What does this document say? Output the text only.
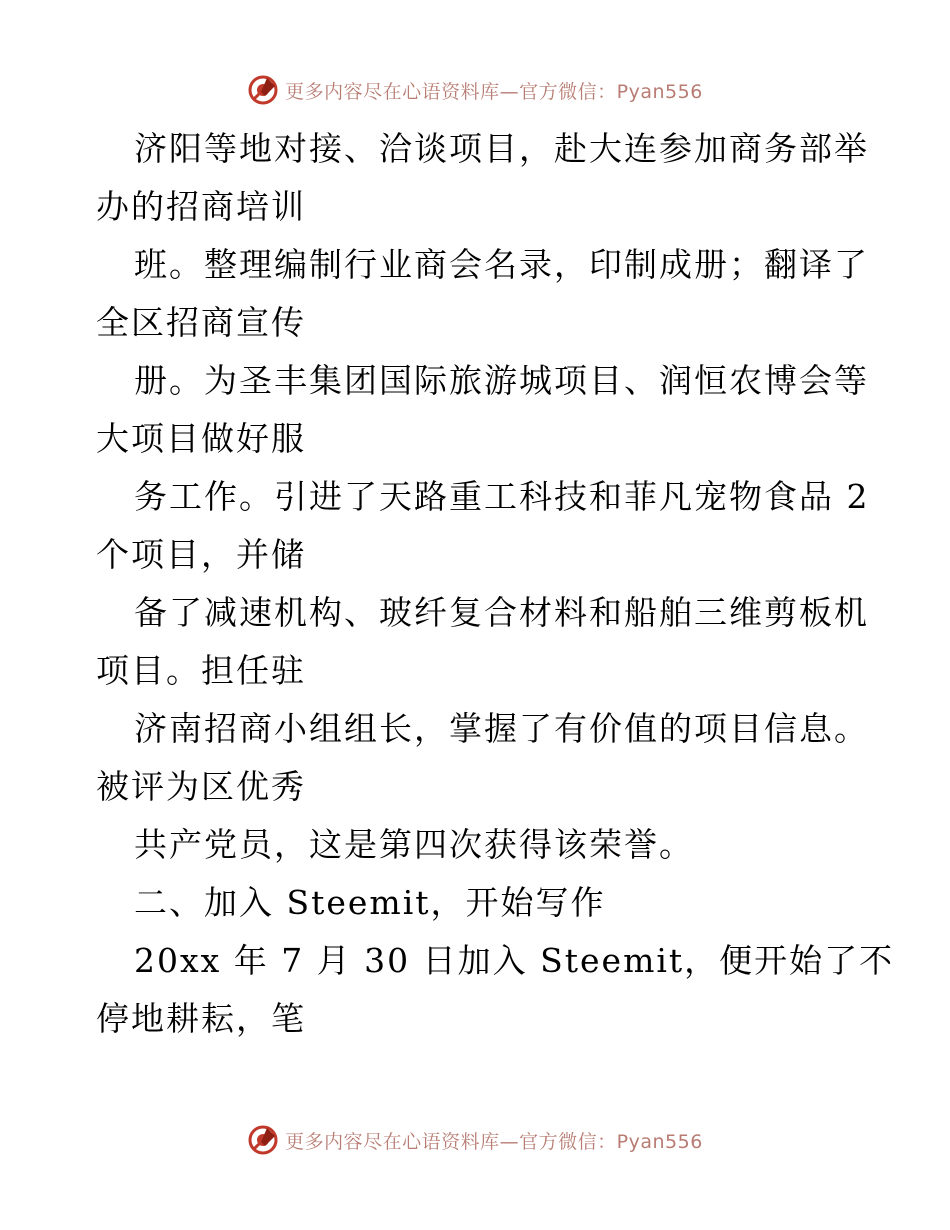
更多内容尽在心语资料库—官方微信：Pyan556
济阳等地对接、洽谈项目，赴大连参加商务部举
办的招商培训
班。整理编制行业商会名录，印制成册；翻译了
全区招商宣传
册。为圣丰集团国际旅游城项目、润恒农博会等
大项目做好服
务工作。引进了天路重工科技和菲凡宠物食品 2
个项目，并储
备了减速机构、玻纤复合材料和船舶三维剪板机
项目。担任驻
济南招商小组组长，掌握了有价值的项目信息。
被评为区优秀
共产党员，这是第四次获得该荣誉。
二、加入 Steemit，开始写作
20xx 年 7 月 30 日加入 Steemit，便开始了不
停地耕耘，笔
更多内容尽在心语资料库—官方微信：Pyan556
